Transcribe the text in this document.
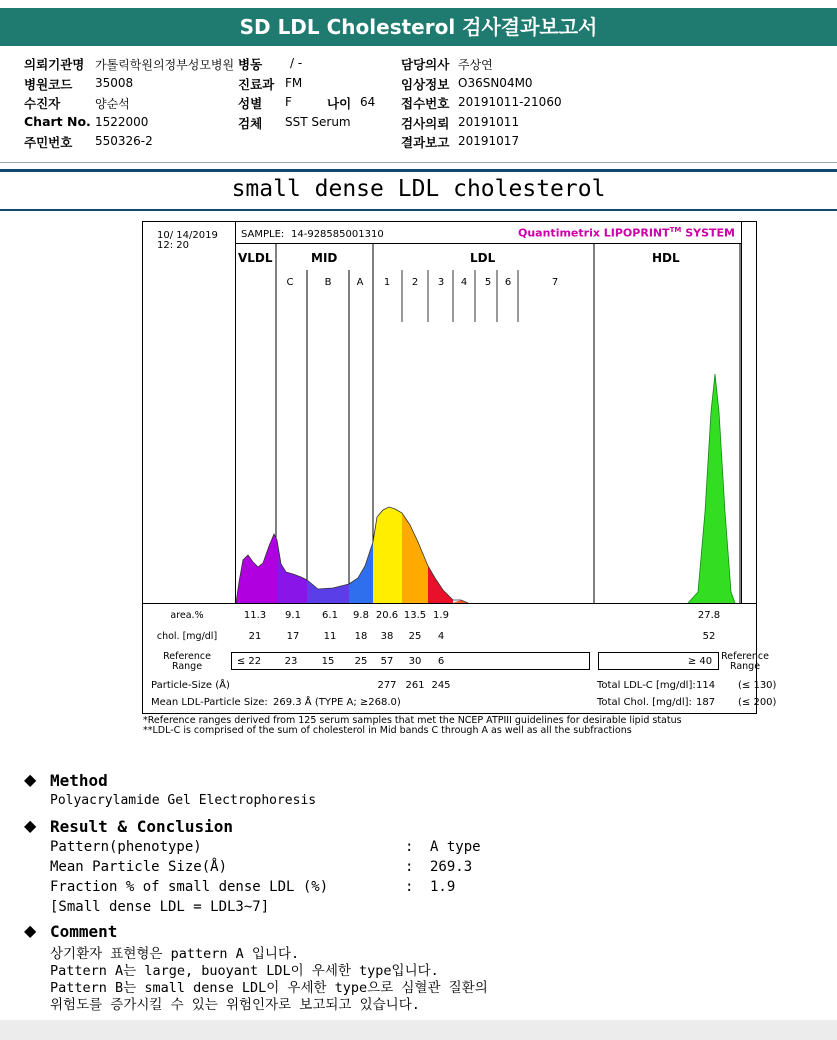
SD LDL Cholesterol 검사결과보고서
의뢰기관명 가톨릭학원의정부성모병원 병동 / -	담당의사 주상연
병원코드 35008	진료과 FM	임상정보 O36SN04M0
수진자	양순석	성별 F	나이 64 접수번호 20191011-21060
Chart No. 1522000	검체 SST Serum	검사의뢰 20191011
주민번호 550326-2	결과보고 20191017
small dense LDL cholesterol
10/ 14/2019
12: 20
SAMPLE: 14-928585001310	Quantimetrix LIPOPRINT™ SYSTEM
VLDL	MID	LDL	HDL
C	B	A 1 2 3 4 5 6	7
area.%	11.3	9.1	6.1	9.8 20.6 13.5 1.9	27.8
chol. [mg/dl]	21	17	11	18	38	25	4	52
Reference
Range	≤ 22	23	15	25	57	30	6	≥ 40 Reference
Range
Particle-Size (Å)	277 261 245	Total LDL-C [mg/dl]: 114 (≤ 130)
Mean LDL-Particle Size: 269.3 Å (TYPE A; ≥268.0)	Total Chol. [mg/dl]: 187 (≤ 200)
*Reference ranges derived from 125 serum samples that met the NCEP ATPIII guidelines for desirable lipid status
**LDL-C is comprised of the sum of cholesterol in Mid bands C through A as well as all the subfractions
◆ Method
Polyacrylamide Gel Electrophoresis
◆ Result & Conclusion
Pattern(phenotype)	: A type
Mean Particle Size(Å)	: 269.3
Fraction % of small dense LDL (%)	: 1.9
[Small dense LDL = LDL3~7]
◆ Comment
상기환자 표현형은 pattern A 입니다.
Pattern A는 large, buoyant LDL이 우세한 type입니다.
Pattern B는 small dense LDL이 우세한 type으로 심혈관 질환의
위험도를 증가시킬 수 있는 위험인자로 보고되고 있습니다.
